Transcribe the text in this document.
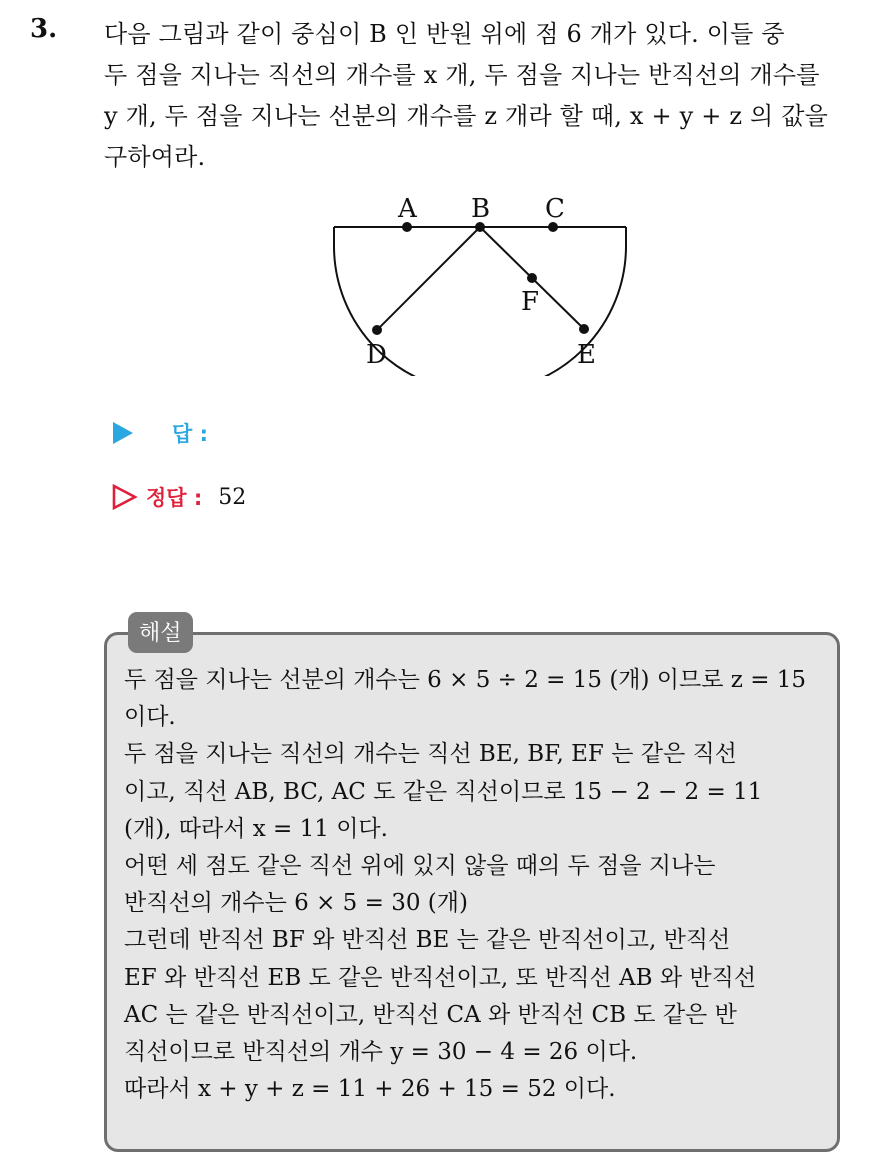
3. 다음 그림과 같이 중심이 B 인 반원 위에 점 6 개가 있다. 이들 중
두 점을 지나는 직선의 개수를 x 개, 두 점을 지나는 반직선의 개수를
y 개, 두 점을 지나는 선분의 개수를 z 개라 할 때, x + y + z 의 값을
구하여라.
A B C
D	E
F
답 :
정답 : 52
해설
두 점을 지나는 선분의 개수는 6 × 5 ÷ 2 = 15 (개) 이므로 z = 15
이다.
두 점을 지나는 직선의 개수는 직선 BE, BF, EF 는 같은 직선
이고, 직선 AB, BC, AC 도 같은 직선이므로 15 − 2 − 2 = 11
(개), 따라서 x = 11 이다.
어떤 세 점도 같은 직선 위에 있지 않을 때의 두 점을 지나는
반직선의 개수는 6 × 5 = 30 (개)
그런데 반직선 BF 와 반직선 BE 는 같은 반직선이고, 반직선
EF 와 반직선 EB 도 같은 반직선이고, 또 반직선 AB 와 반직선
AC 는 같은 반직선이고, 반직선 CA 와 반직선 CB 도 같은 반
직선이므로 반직선의 개수 y = 30 − 4 = 26 이다.
따라서 x + y + z = 11 + 26 + 15 = 52 이다.
